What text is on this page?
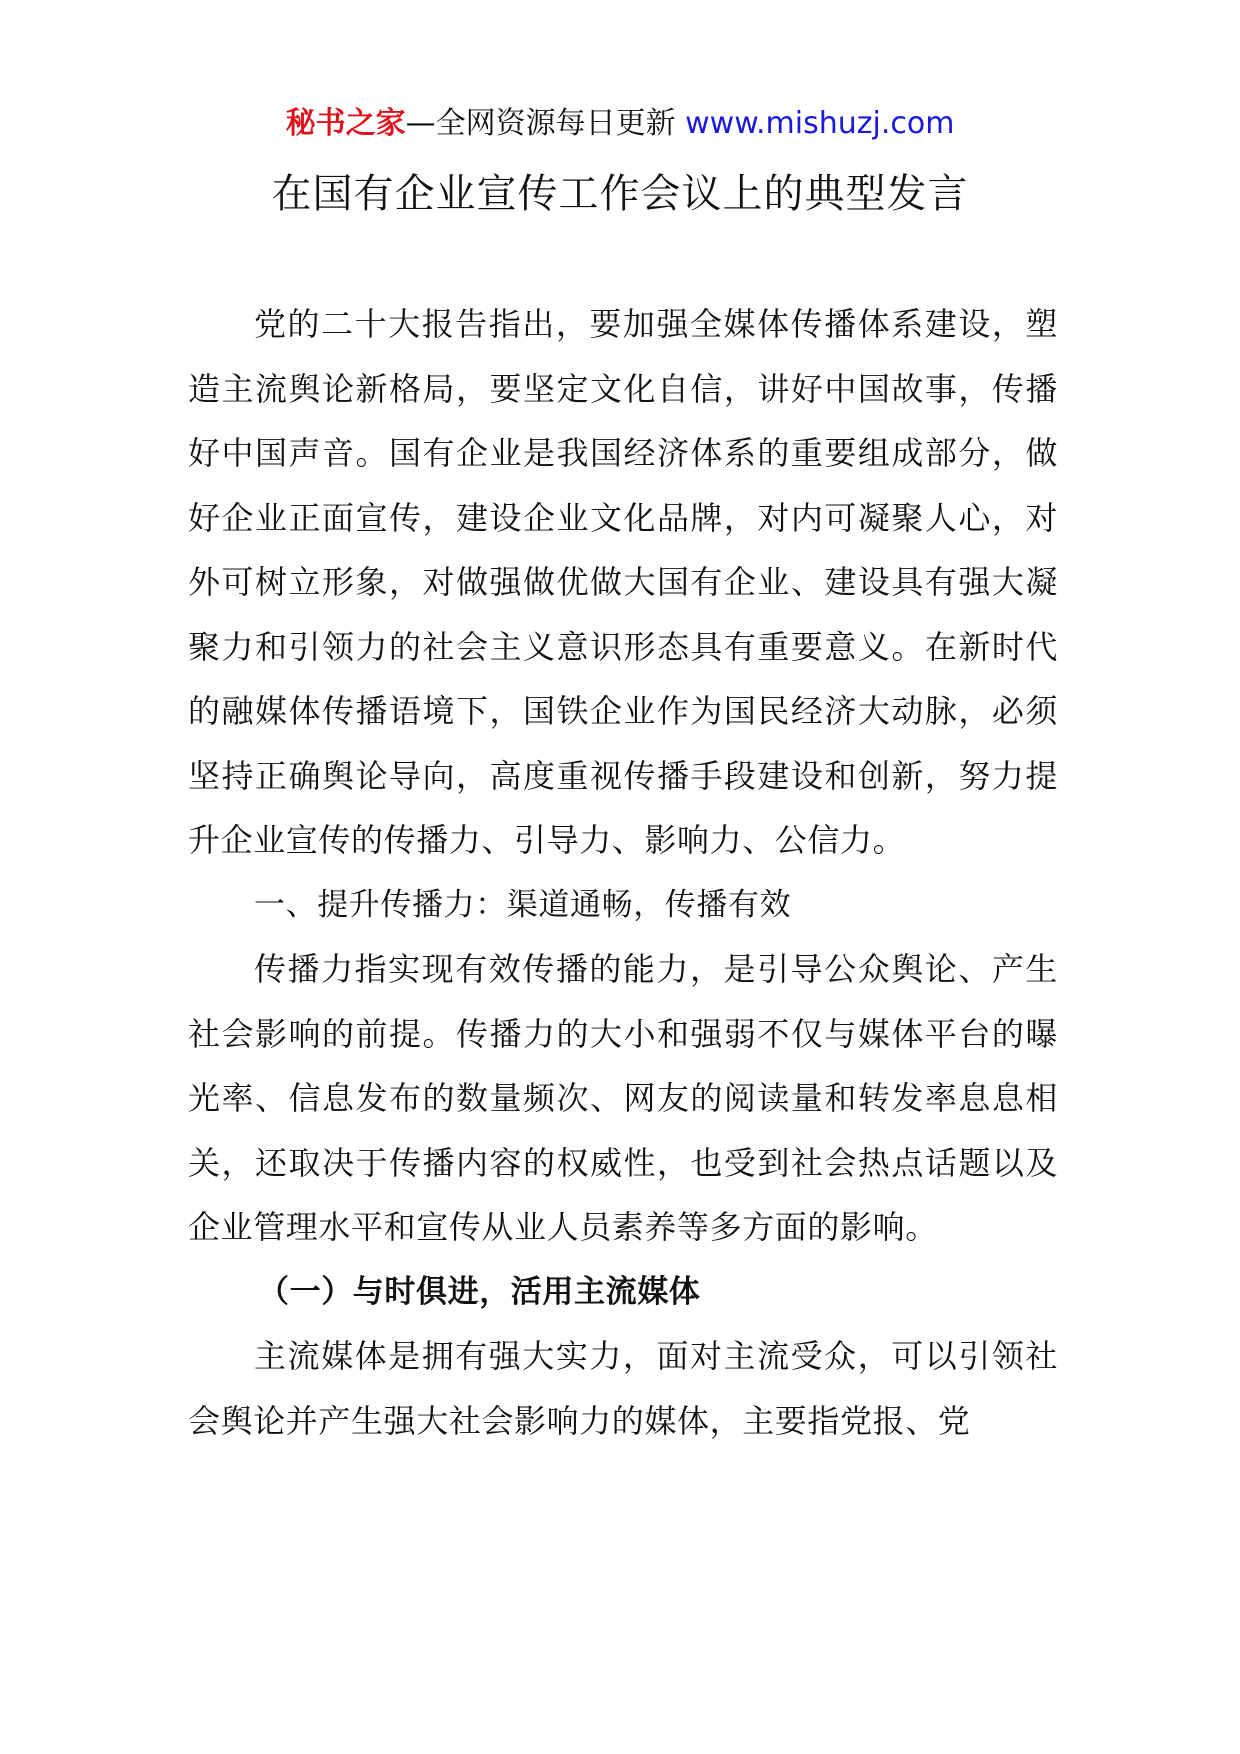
秘书之家—全网资源每日更新 www.mishuzj.com
在国有企业宣传工作会议上的典型发言

党的二十大报告指出，要加强全媒体传播体系建设，塑造主流舆论新格局，要坚定文化自信，讲好中国故事，传播好中国声音。国有企业是我国经济体系的重要组成部分，做好企业正面宣传，建设企业文化品牌，对内可凝聚人心，对外可树立形象，对做强做优做大国有企业、建设具有强大凝聚力和引领力的社会主义意识形态具有重要意义。在新时代的融媒体传播语境下，国铁企业作为国民经济大动脉，必须坚持正确舆论导向，高度重视传播手段建设和创新，努力提升企业宣传的传播力、引导力、影响力、公信力。

一、提升传播力：渠道通畅，传播有效

传播力指实现有效传播的能力，是引导公众舆论、产生社会影响的前提。传播力的大小和强弱不仅与媒体平台的曝光率、信息发布的数量频次、网友的阅读量和转发率息息相关，还取决于传播内容的权威性，也受到社会热点话题以及企业管理水平和宣传从业人员素养等多方面的影响。

（一）与时俱进，活用主流媒体

主流媒体是拥有强大实力，面对主流受众，可以引领社会舆论并产生强大社会影响力的媒体，主要指党报、党
